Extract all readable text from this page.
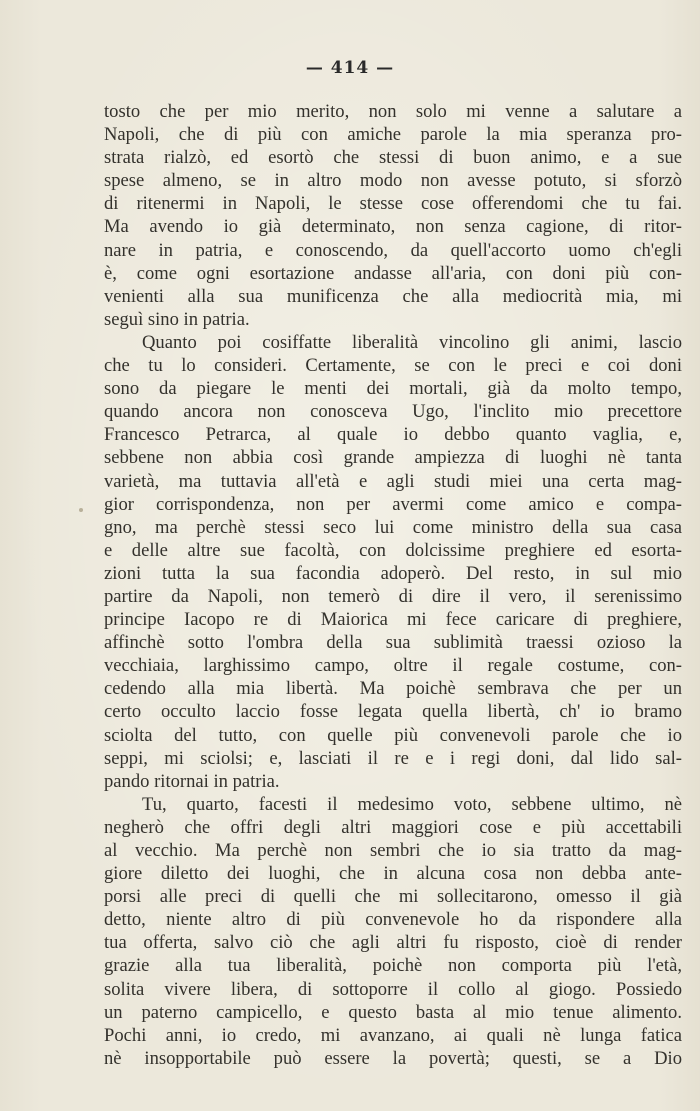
— 414 —
tosto che per mio merito, non solo mi venne a salutare a
Napoli, che di più con amiche parole la mia speranza pro-
strata rialzò, ed esortò che stessi di buon animo, e a sue
spese almeno, se in altro modo non avesse potuto, si sforzò
di ritenermi in Napoli, le stesse cose offerendomi che tu fai.
Ma avendo io già determinato, non senza cagione, di ritor-
nare in patria, e conoscendo, da quell'accorto uomo ch'egli
è, come ogni esortazione andasse all'aria, con doni più con-
venienti alla sua munificenza che alla mediocrità mia, mi
seguì sino in patria.
Quanto poi cosiffatte liberalità vincolino gli animi, lascio
che tu lo consideri. Certamente, se con le preci e coi doni
sono da piegare le menti dei mortali, già da molto tempo,
quando ancora non conosceva Ugo, l'inclito mio precettore
Francesco Petrarca, al quale io debbo quanto vaglia, e,
sebbene non abbia così grande ampiezza di luoghi nè tanta
varietà, ma tuttavia all'età e agli studi miei una certa mag-
gior corrispondenza, non per avermi come amico e compa-
gno, ma perchè stessi seco lui come ministro della sua casa
e delle altre sue facoltà, con dolcissime preghiere ed esorta-
zioni tutta la sua facondia adoperò. Del resto, in sul mio
partire da Napoli, non temerò di dire il vero, il serenissimo
principe Iacopo re di Maiorica mi fece caricare di preghiere,
affinchè sotto l'ombra della sua sublimità traessi ozioso la
vecchiaia, larghissimo campo, oltre il regale costume, con-
cedendo alla mia libertà. Ma poichè sembrava che per un
certo occulto laccio fosse legata quella libertà, ch' io bramo
sciolta del tutto, con quelle più convenevoli parole che io
seppi, mi sciolsi; e, lasciati il re e i regi doni, dal lido sal-
pando ritornai in patria.
Tu, quarto, facesti il medesimo voto, sebbene ultimo, nè
negherò che offri degli altri maggiori cose e più accettabili
al vecchio. Ma perchè non sembri che io sia tratto da mag-
giore diletto dei luoghi, che in alcuna cosa non debba ante-
porsi alle preci di quelli che mi sollecitarono, omesso il già
detto, niente altro di più convenevole ho da rispondere alla
tua offerta, salvo ciò che agli altri fu risposto, cioè di render
grazie alla tua liberalità, poichè non comporta più l'età,
solita vivere libera, di sottoporre il collo al giogo. Possiedo
un paterno campicello, e questo basta al mio tenue alimento.
Pochi anni, io credo, mi avanzano, ai quali nè lunga fatica
nè insopportabile può essere la povertà; questi, se a Dio
